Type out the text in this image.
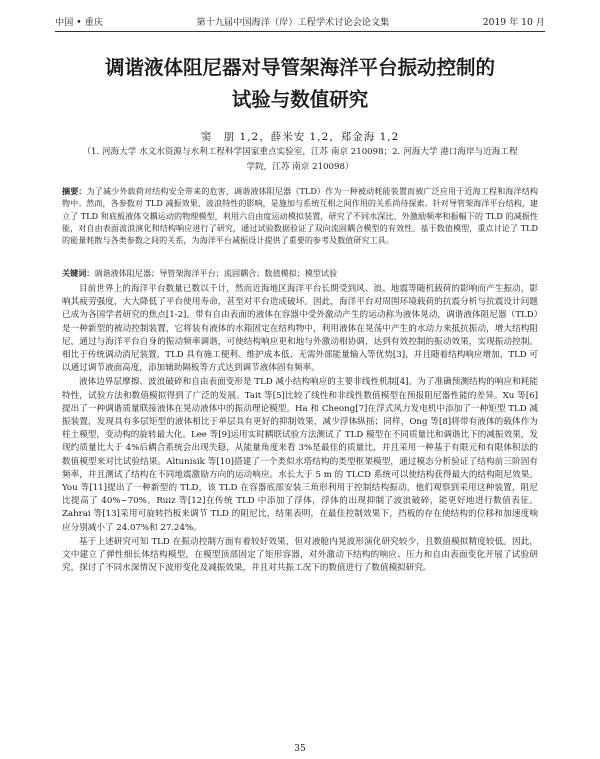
中国 • 重庆	第十九届中国海洋（岸）工程学术讨论会论文集	2019 年 10 月
调谐液体阻尼器对导管架海洋平台振动控制的
试验与数值研究
窦　朋 1,2，薛米安 1,2，郑金海 1,2
（1. 河海大学 水文水资源与水利工程科学国家重点实验室，江苏 南京 210098；2. 河海大学 港口海岸与近海工程学院，江苏 南京 210098）
摘要：为了减少外载荷对结构安全带来的危害，调谐液体阻尼器（TLD）作为一种被动耗能装置而被广泛应用于近海工程和海洋结构物中。然而，各参数对 TLD 减振效果、波浪特性的影响，是施加与系统互相之间作用的关系尚待探索。针对导管架海洋平台结构，建立了 TLD 和底板液体交耦运动的物理模型，利用六自由度运动模拟装置，研究了不同水深比、外激励频率和振幅下的 TLD 的减振性能，对自由表面波浪演化和结构响应进行了研究，通过试验数据验证了双向流固耦合模型的有效性。基于数值模型，重点讨论了 TLD 的能量耗散与各类参数之间的关系，为海洋平台减振设计提供了重要的参考及数值研究工具。
关键词：调谐液体阻尼器；导管架海洋平台；流固耦合；数值模拟；模型试验

目前世界上的海洋平台数量已数以千计，然而近海地区海洋平台长期受到风、浪、地震等随机载荷的影响而产生振动，影响其疲劳强度，大大降低了平台使用寿命，甚至对平台造成破坏。因此，海洋平台对周围环境载荷的抗震分析与抗震设计问题已成为各国学者研究的焦点[1-2]。带有自由表面的液体在容器中受外激动产生的运动称为液体晃动，调谐液体阻尼器（TLD）是一种新型的被动控制装置，它将装有液体的水箱固定在结构物中，利用液体在晃荡中产生的水动力来抵抗振动，增大结构阻尼，通过与海洋平台自身的振动频率调谐，可使结构响应更和地与外激动相协调，达到有效控制的振动效果，实现振动控制。相比于传统调动消尼装置，TLD 具有施工便利、维护成本低、无需外部能量输入等优势[3]，并且随着结构响应增加，TLD 可以通过调节液面高度，添加辅助隔板等方式达到调节液体固有频率。

液体边界层摩擦、波浪破碎和自由表面变形是 TLD 减小结构响应的主要非线性机制[4]。为了准确预测结构的响应和耗能特性，试验方法和数值模拟得到了广泛的发展。Tait 等[5]比较了线性和非线性数值模型在预报阻尼器性能的差异。Xu 等[6]提出了一种调谐质量联接液体在晃动液体中的振动理论模型。Ha 和 Cheong[7]在浮式风力发电机中添加了一种矩型 TLD 减振装置，发现具有多层矩型的液体相比于单层具有更好的抑制效果，减少浮体纵摇；同样，Ong 等[8]将带有液体的载体作为柱土模型，变动构的旋转最大化。Lee 等[9]运用实时耦联试验方法测试了 TLD 模型在不同质量比和调谐比下的减振效果，发现约质量比大于 4%后耦合系统会出现失稳，从能量角度来看 3%是最佳的质量比，并且采用一种基于有限元和有限体积法的数值模型来对比试验结果。Altunisik 等[10]搭建了一个类似水塔结构的类型框架模型，通过模态分析验证了结构前三阶固有频率，并且测试了结构在不同地震激励方向的运动响应。水长大于 5 m 的 TLCD 系统可以使结构获得最大的结构阻尼效果。You 等[11]提出了一种新型的 TLD，该 TLD 在容器底部安装三角形利用于控制结构振动，他们观察到采用这种装置，阻尼比提高了 40%~70%。Ruiz 等[12]在传统 TLD 中添加了浮体，浮体的出现抑制了波浪破碎，能更好地进行数值表征。Zahrai 等[13]采用可旋转挡板来调节 TLD 的阻尼比，结果表明，在最佳控制效果下，挡板的存在使结构的位移和加速度响应分别减小了 24.07%和 27.24%。

基于上述研究可知 TLD 在振动控制方面有着较好效果，但对液舱内晃波形演化研究较少，且数值模拟精度较低。因此，文中建立了弹性细长体结构模型，在模型顶部固定了矩形容器，对外激动下结构的响应、压力和自由表面变化开展了试验研究，探讨了不同水深情况下波形变化及减振效果，并且对共振工况下的数值进行了数值模拟研究。

35
